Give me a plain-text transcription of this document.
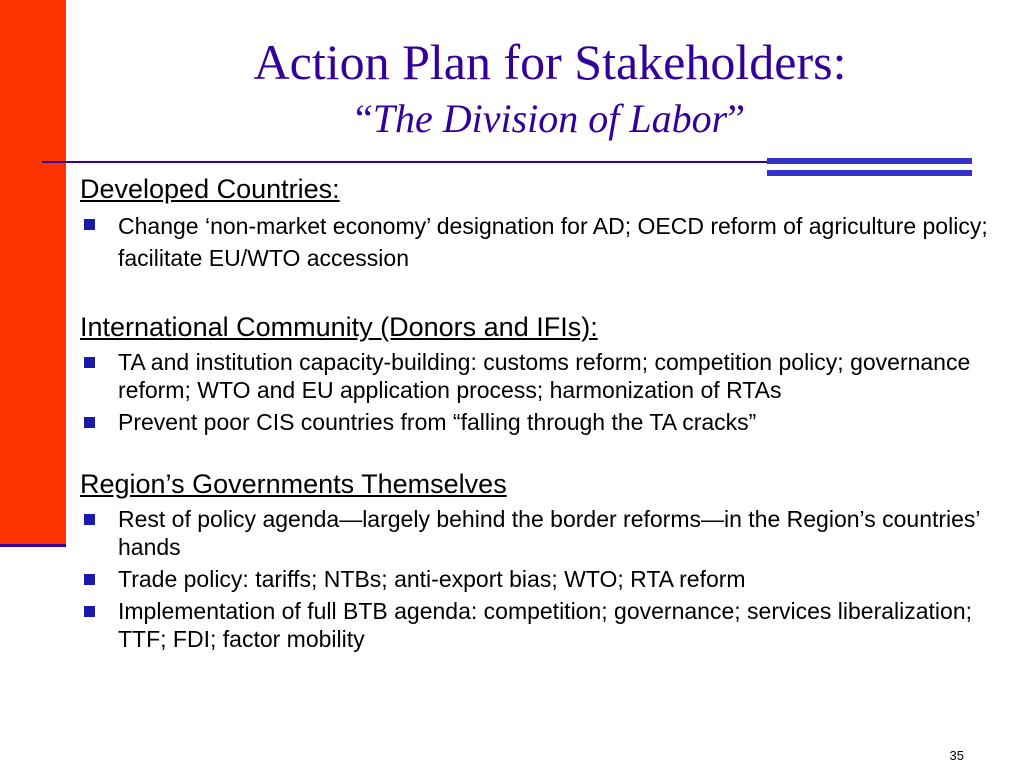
Action Plan for Stakeholders:
“The Division of Labor”
Developed Countries:
Change ‘non-market economy’ designation for AD; OECD reform of agriculture policy; facilitate EU/WTO accession
International Community (Donors and IFIs):
TA and institution capacity-building: customs reform; competition policy; governance reform; WTO and EU application process; harmonization of RTAs
Prevent poor CIS countries from “falling through the TA cracks”
Region’s Governments Themselves
Rest of policy agenda—largely behind the border reforms—in the Region’s countries’ hands
Trade policy: tariffs; NTBs; anti-export bias; WTO; RTA reform
Implementation of full BTB agenda: competition; governance; services liberalization; TTF; FDI; factor mobility
35
